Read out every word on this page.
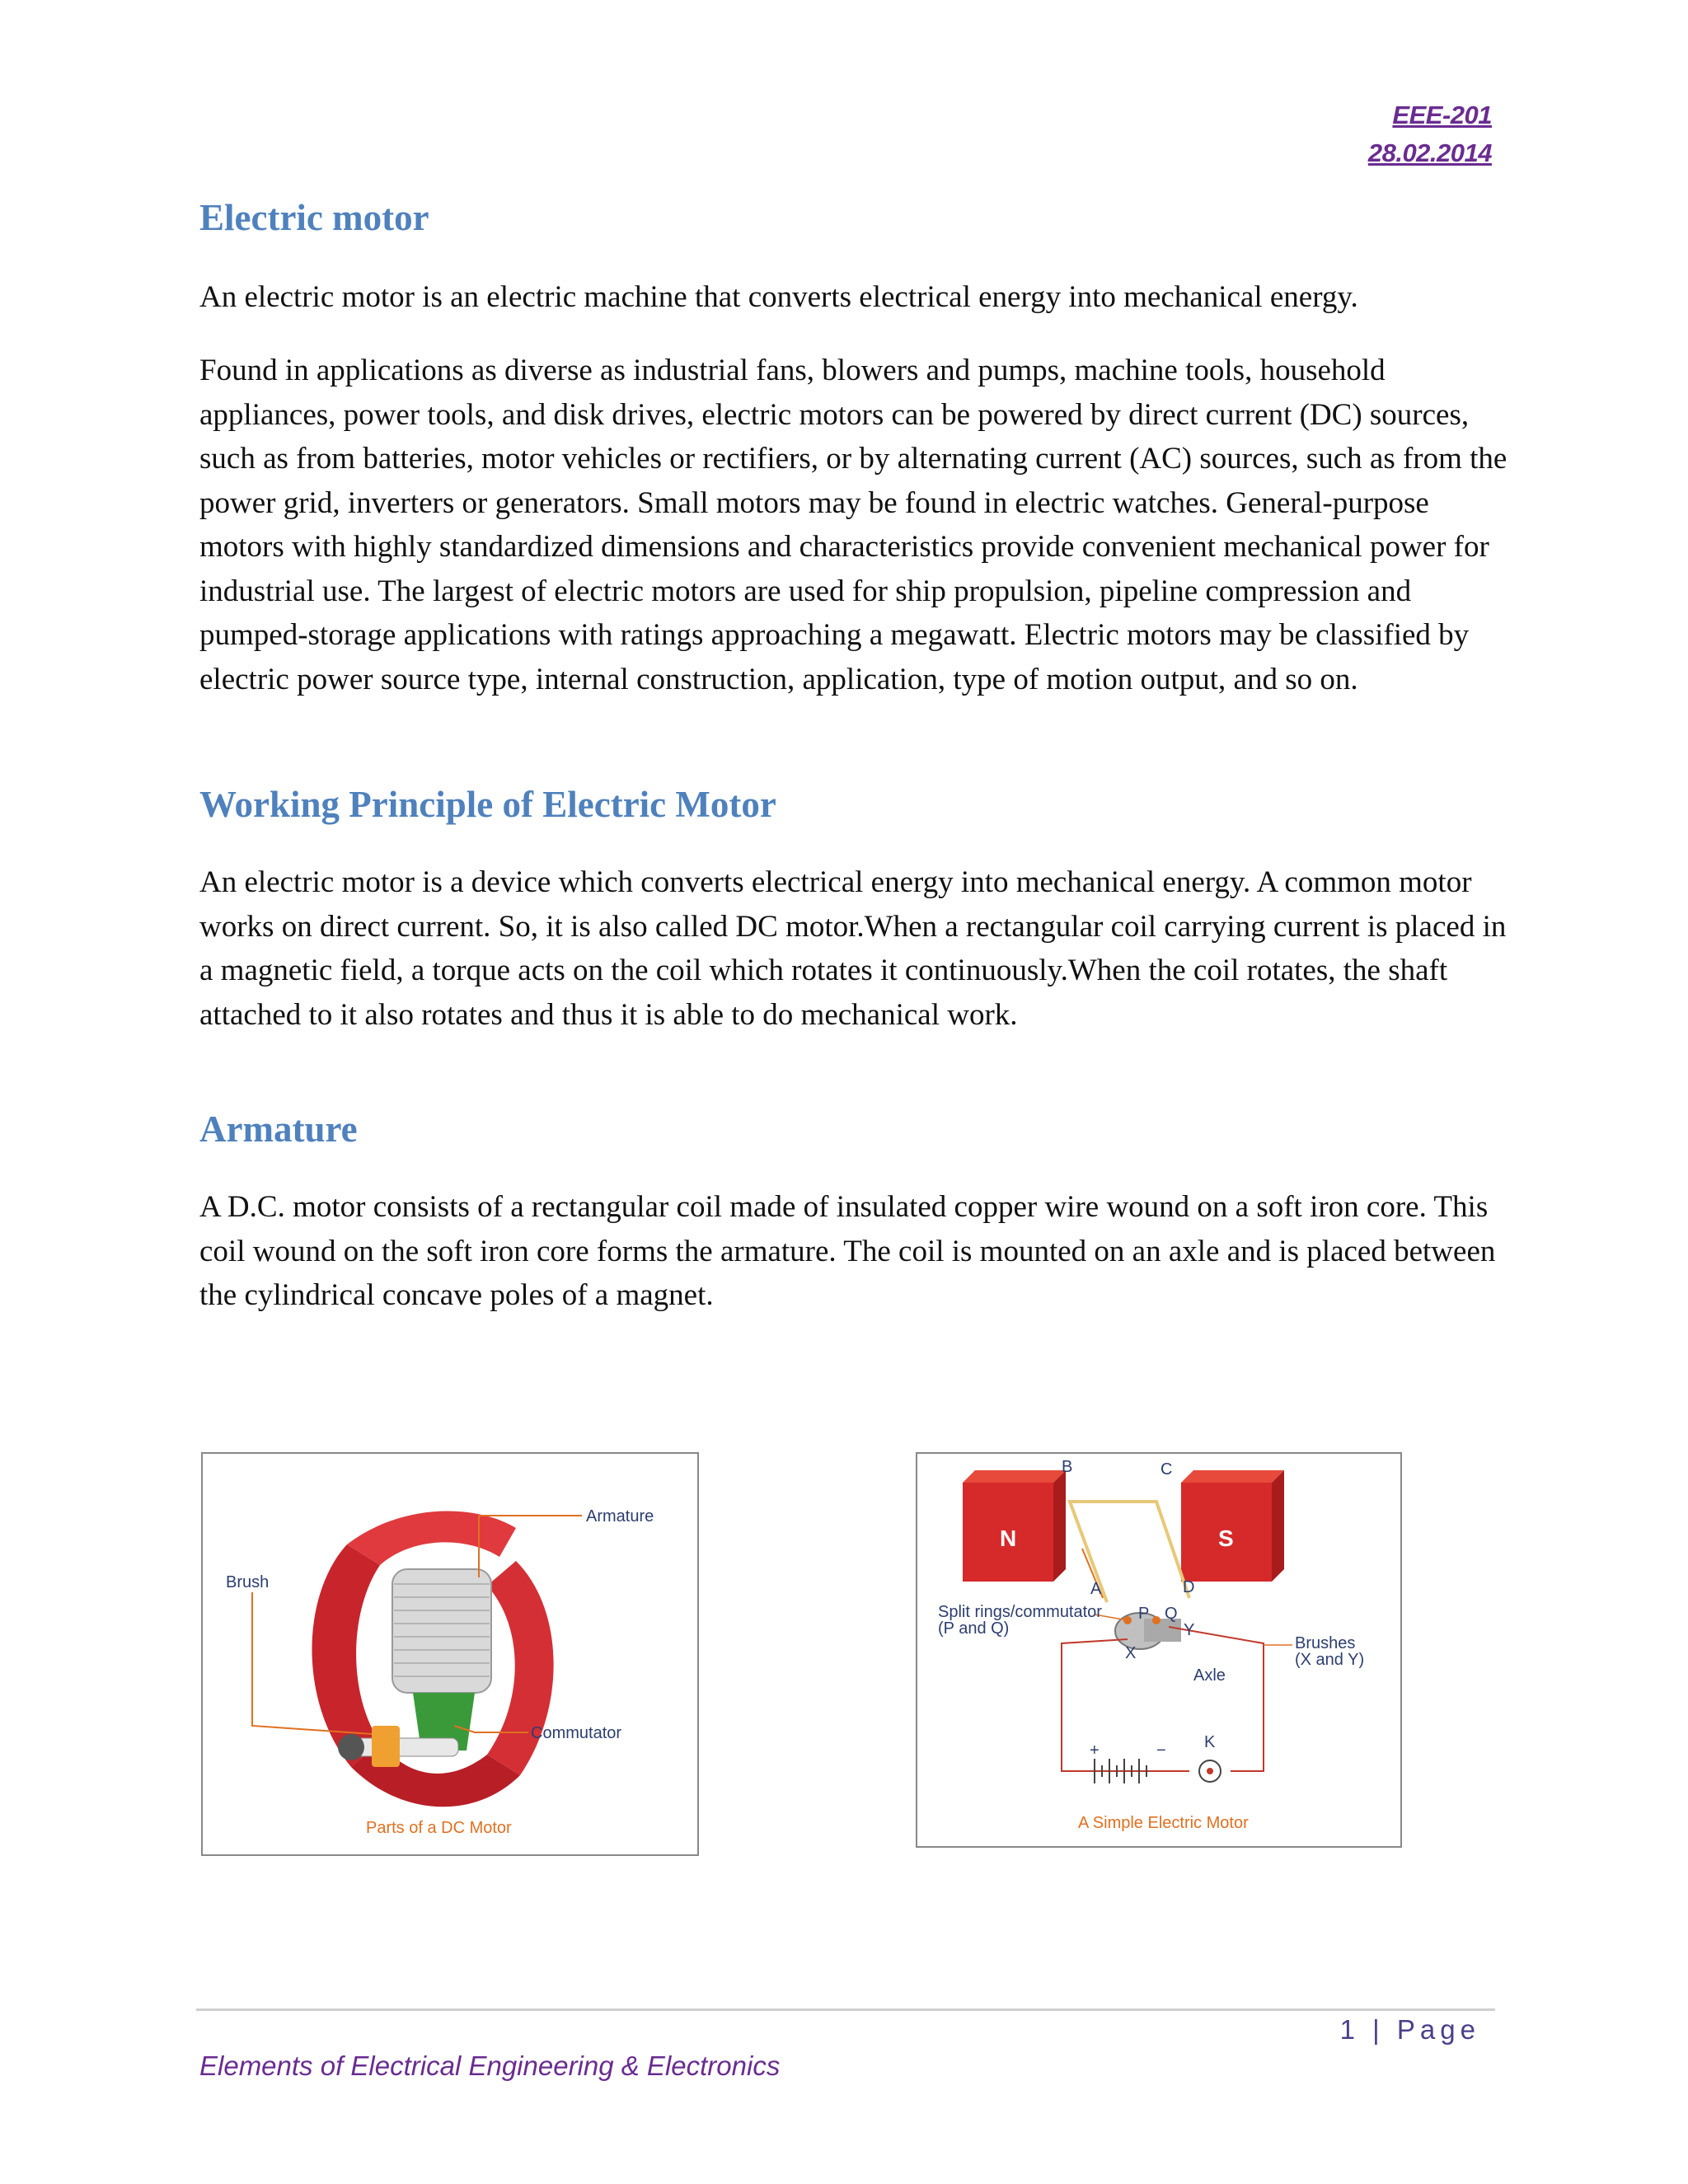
EEE-201
28.02.2014
Electric motor

An electric motor is an electric machine that converts electrical energy into mechanical energy.

Found in applications as diverse as industrial fans, blowers and pumps, machine tools, household appliances, power tools, and disk drives, electric motors can be powered by direct current (DC) sources, such as from batteries, motor vehicles or rectifiers, or by alternating current (AC) sources, such as from the power grid, inverters or generators. Small motors may be found in electric watches. General-purpose motors with highly standardized dimensions and characteristics provide convenient mechanical power for industrial use. The largest of electric motors are used for ship propulsion, pipeline compression and pumped-storage applications with ratings approaching a megawatt. Electric motors may be classified by electric power source type, internal construction, application, type of motion output, and so on.

Working Principle of Electric Motor

An electric motor is a device which converts electrical energy into mechanical energy. A common motor works on direct current. So, it is also called DC motor.When a rectangular coil carrying current is placed in a magnetic field, a torque acts on the coil which rotates it continuously.When the coil rotates, the shaft attached to it also rotates and thus it is able to do mechanical work.

Armature

A D.C. motor consists of a rectangular coil made of insulated copper wire wound on a soft iron core. This coil wound on the soft iron core forms the armature. The coil is mounted on an axle and is placed between the cylindrical concave poles of a magnet.

Armature
Brush
Commutator
Parts of a DC Motor
N	S
B	C
A	D
P Q
X
Y
K
+	−
Split rings/commutator
(P and Q)
Brushes
(X and Y)
Axle
A Simple Electric Motor
1 | Page
Elements of Electrical Engineering & Electronics
